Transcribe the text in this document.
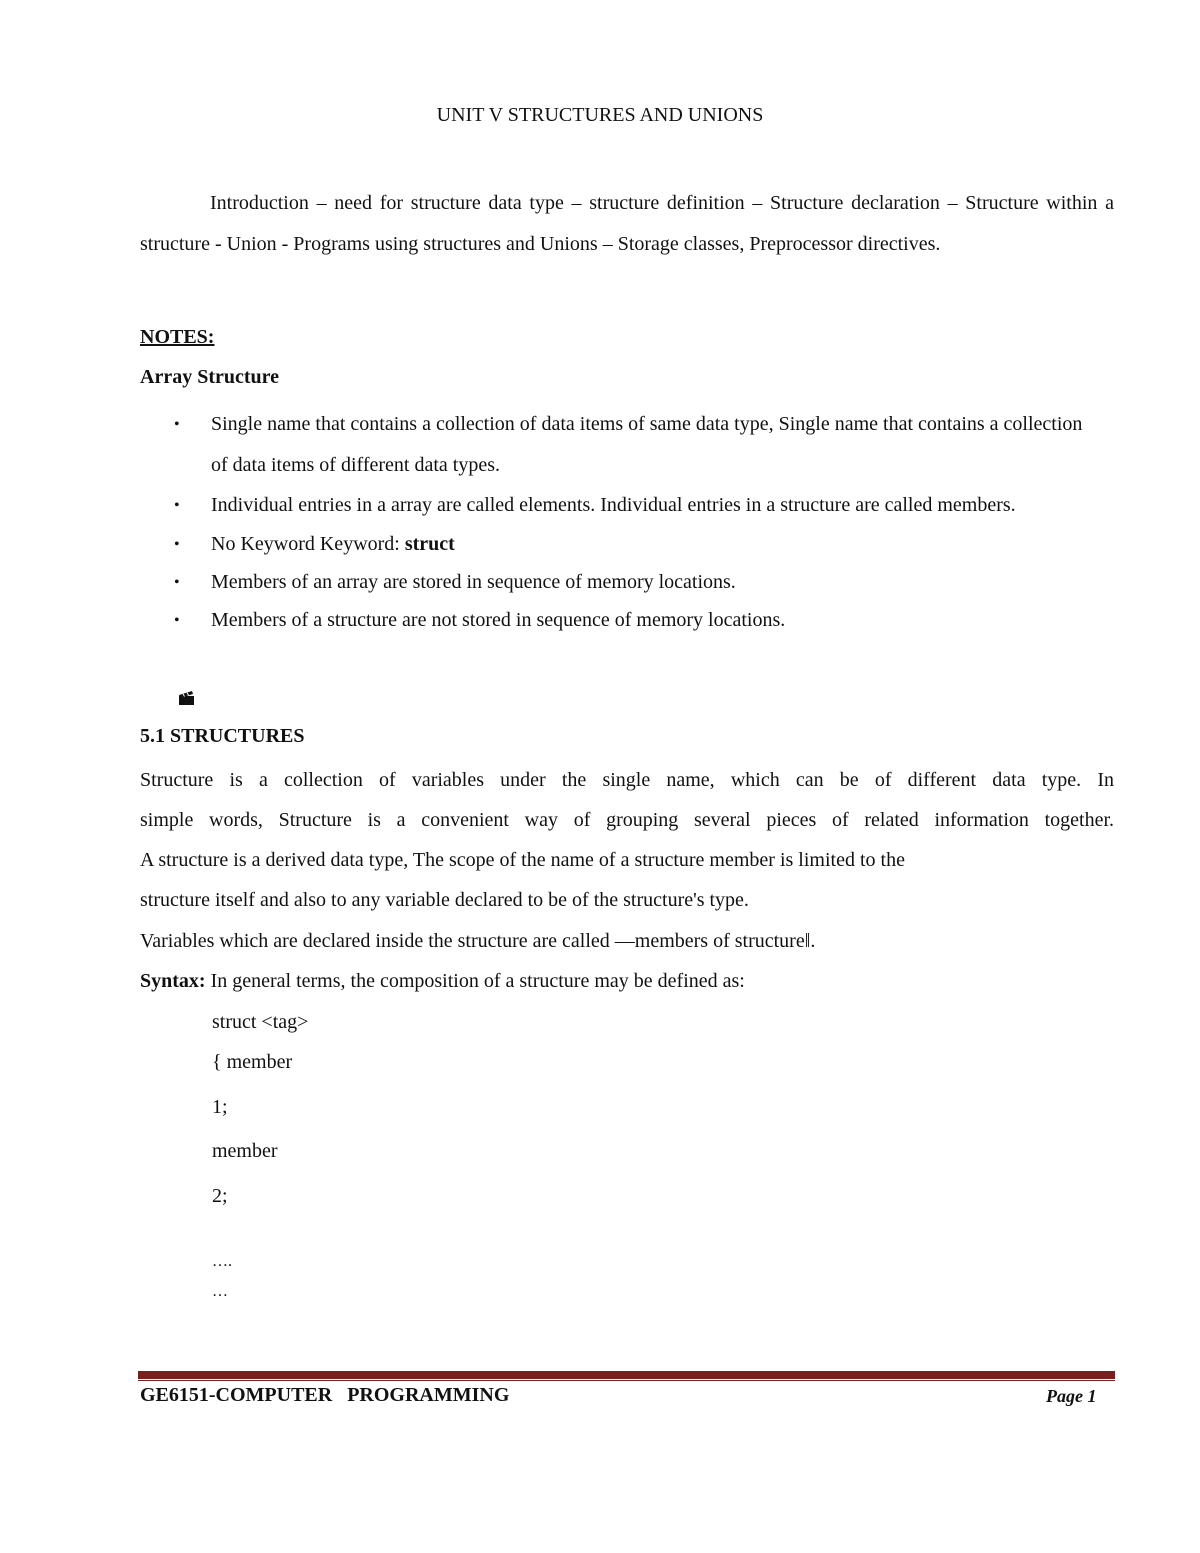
UNIT V STRUCTURES AND UNIONS

Introduction – need for structure data type – structure definition – Structure declaration – Structure within a structure - Union - Programs using structures and Unions – Storage classes, Preprocessor directives.

NOTES:
Array Structure
• Single name that contains a collection of data items of same data type, Single name that contains a collection of data items of different data types.
• Individual entries in a array are called elements. Individual entries in a structure are called members.
• No Keyword Keyword: struct
• Members of an array are stored in sequence of memory locations.
• Members of a structure are not stored in sequence of memory locations.
5.1 STRUCTURES
Structure is a collection of variables under the single name, which can be of different data type. In
simple words, Structure is a convenient way of grouping several pieces of related information together.
A structure is a derived data type, The scope of the name of a structure member is limited to the
structure itself and also to any variable declared to be of the structure's type.
Variables which are declared inside the structure are called ―members of structure‖.
Syntax: In general terms, the composition of a structure may be defined as:
struct <tag>
{ member
1;
member
2;
….
…
GE6151-COMPUTER   PROGRAMMING	Page 1
